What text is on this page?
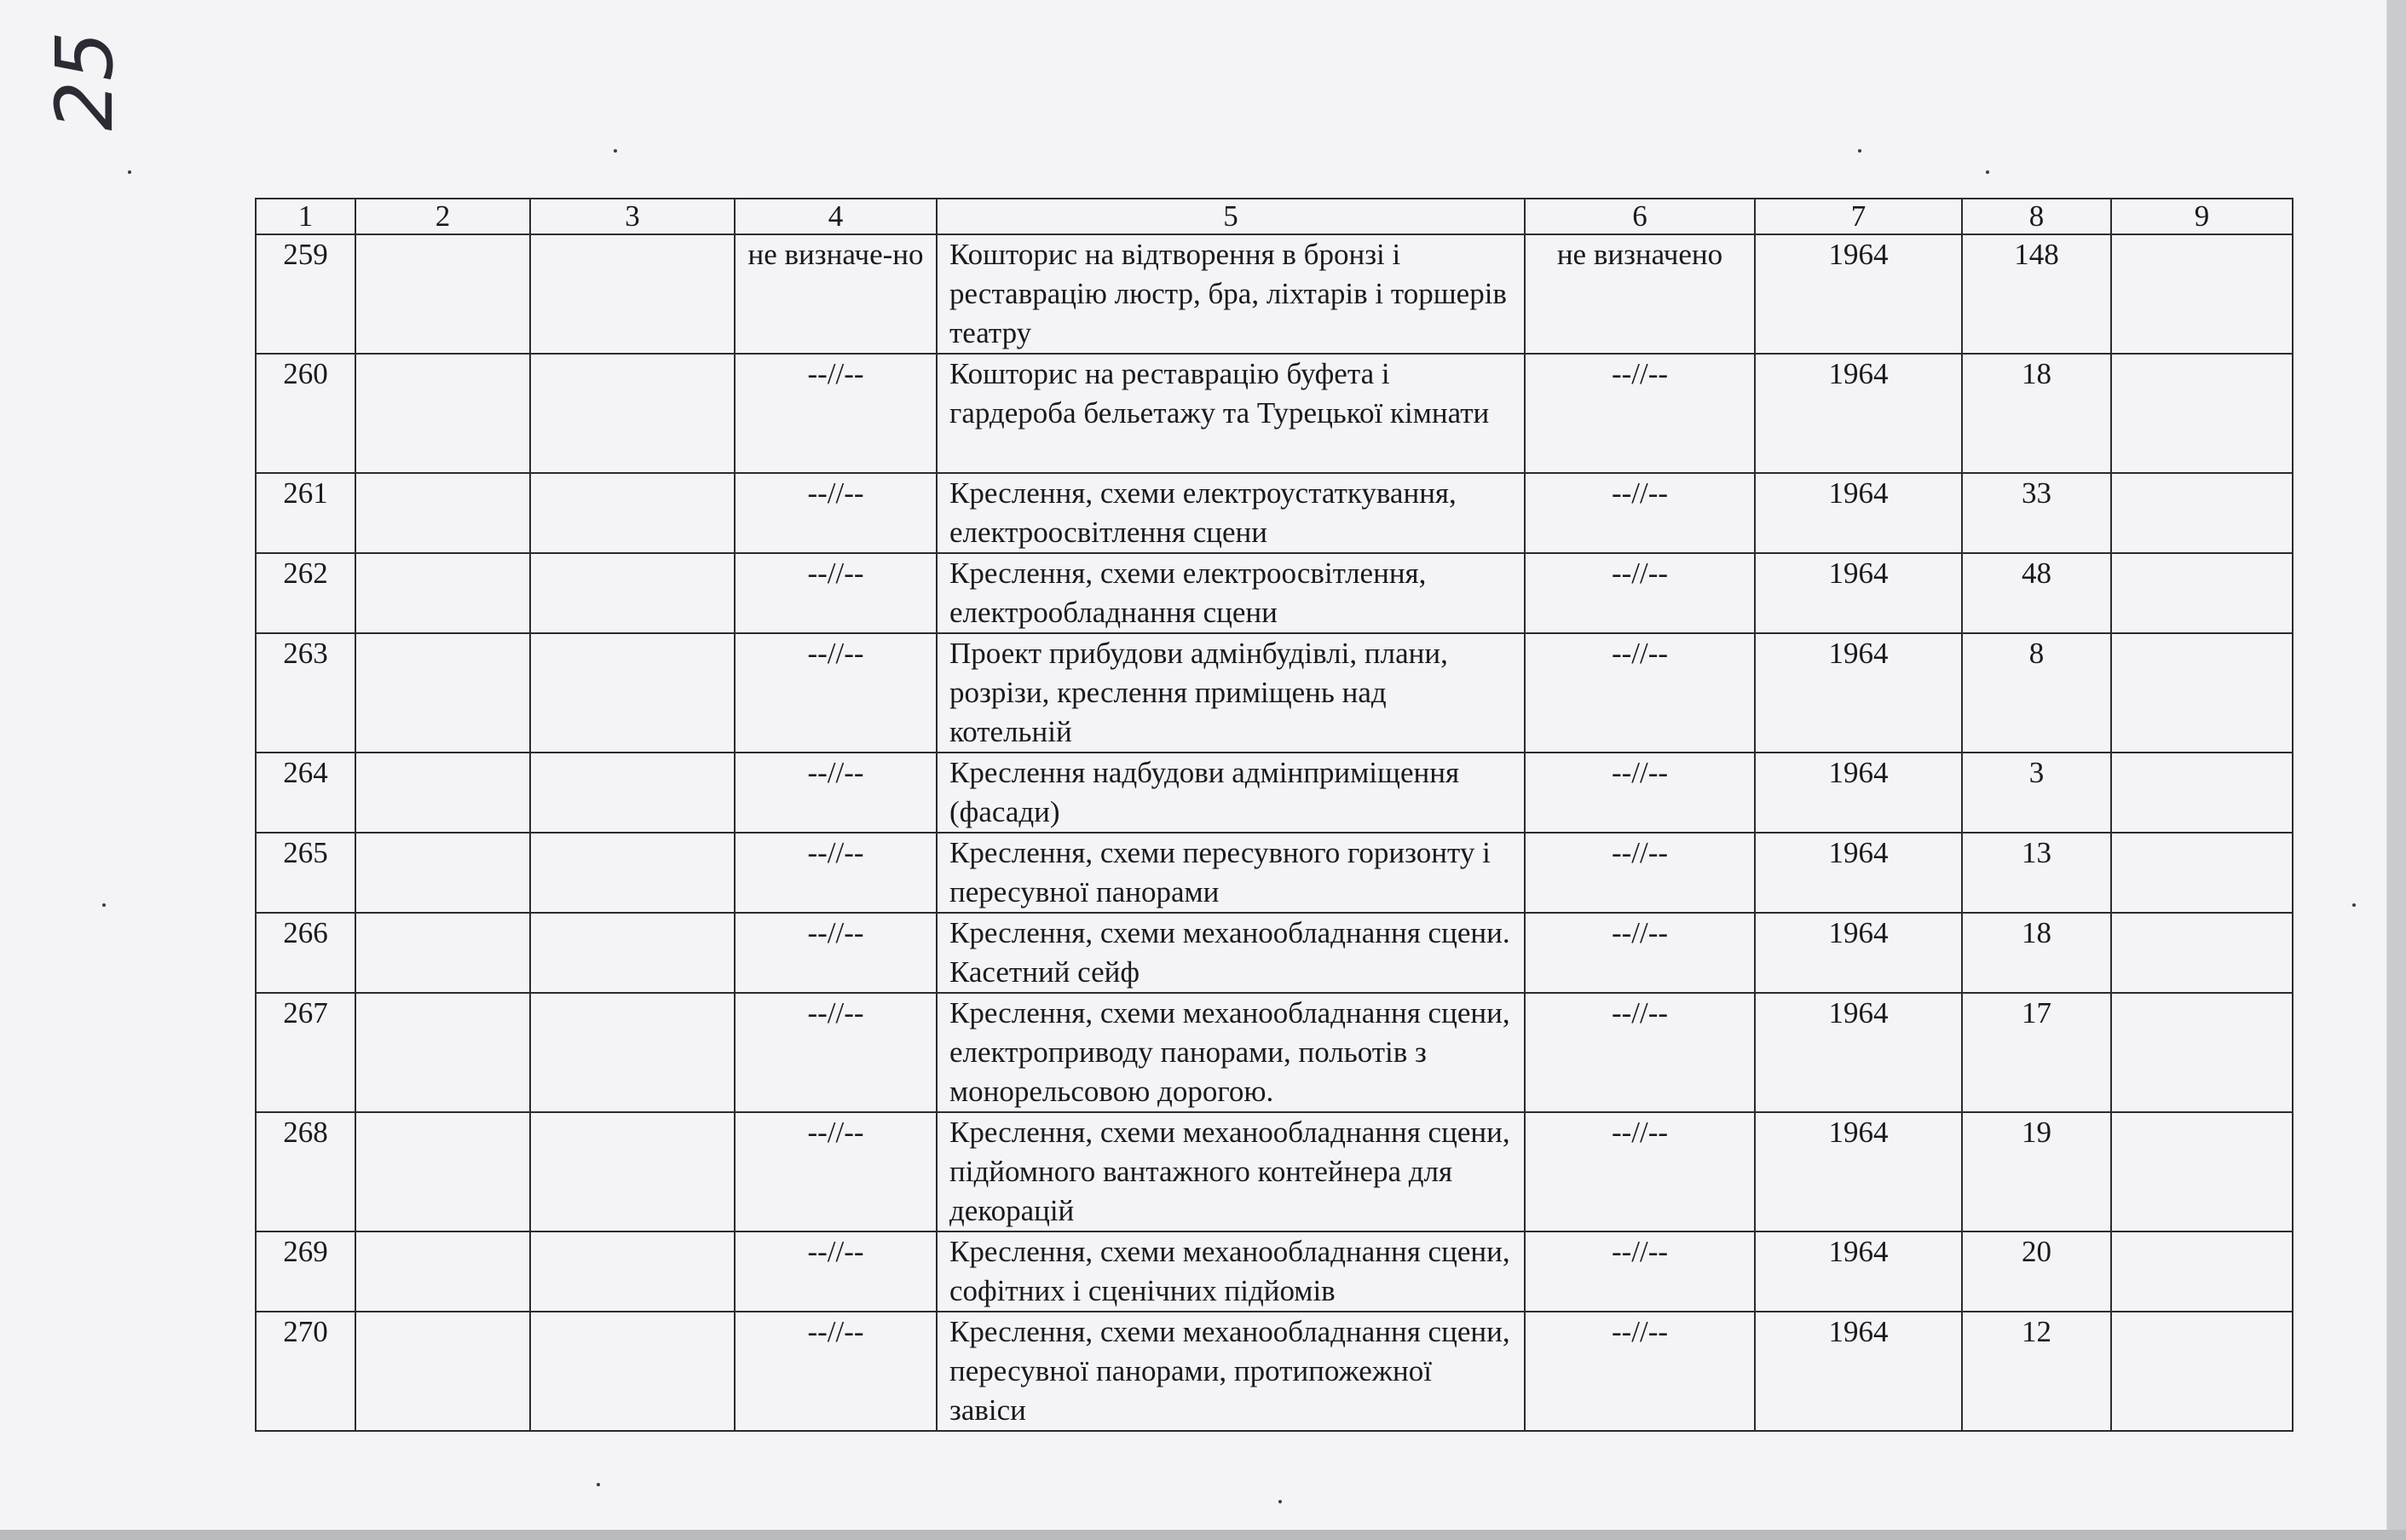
25
1	2	3	4	5	6	7	8	9
259			не визначе-но	Кошторис на відтворення в бронзі і реставрацію люстр, бра, ліхтарів і торшерів театру	не визначено	1964	148	
260			--//--	Кошторис на реставрацію буфета і гардероба бельетажу та Турецької кімнати	--//--	1964	18	
261			--//--	Креслення, схеми електроустаткування, електроосвітлення сцени	--//--	1964	33	
262			--//--	Креслення, схеми електроосвітлення, електрообладнання сцени	--//--	1964	48	
263			--//--	Проект прибудови адмінбудівлі, плани, розрізи, креслення приміщень над котельній	--//--	1964	8	
264			--//--	Креслення надбудови адмінприміщення (фасади)	--//--	1964	3	
265			--//--	Креслення, схеми пересувного горизонту і пересувної панорами	--//--	1964	13	
266			--//--	Креслення, схеми механообладнання сцени. Касетний сейф	--//--	1964	18	
267			--//--	Креслення, схеми механообладнання сцени, електроприводу панорами, польотів з монорельсовою дорогою.	--//--	1964	17	
268			--//--	Креслення, схеми механообладнання сцени, підйомного вантажного контейнера для декорацій	--//--	1964	19	
269			--//--	Креслення, схеми механообладнання сцени, софітних і сценічних підйомів	--//--	1964	20	
270			--//--	Креслення, схеми механообладнання сцени, пересувної панорами, протипожежної завіси	--//--	1964	12	
